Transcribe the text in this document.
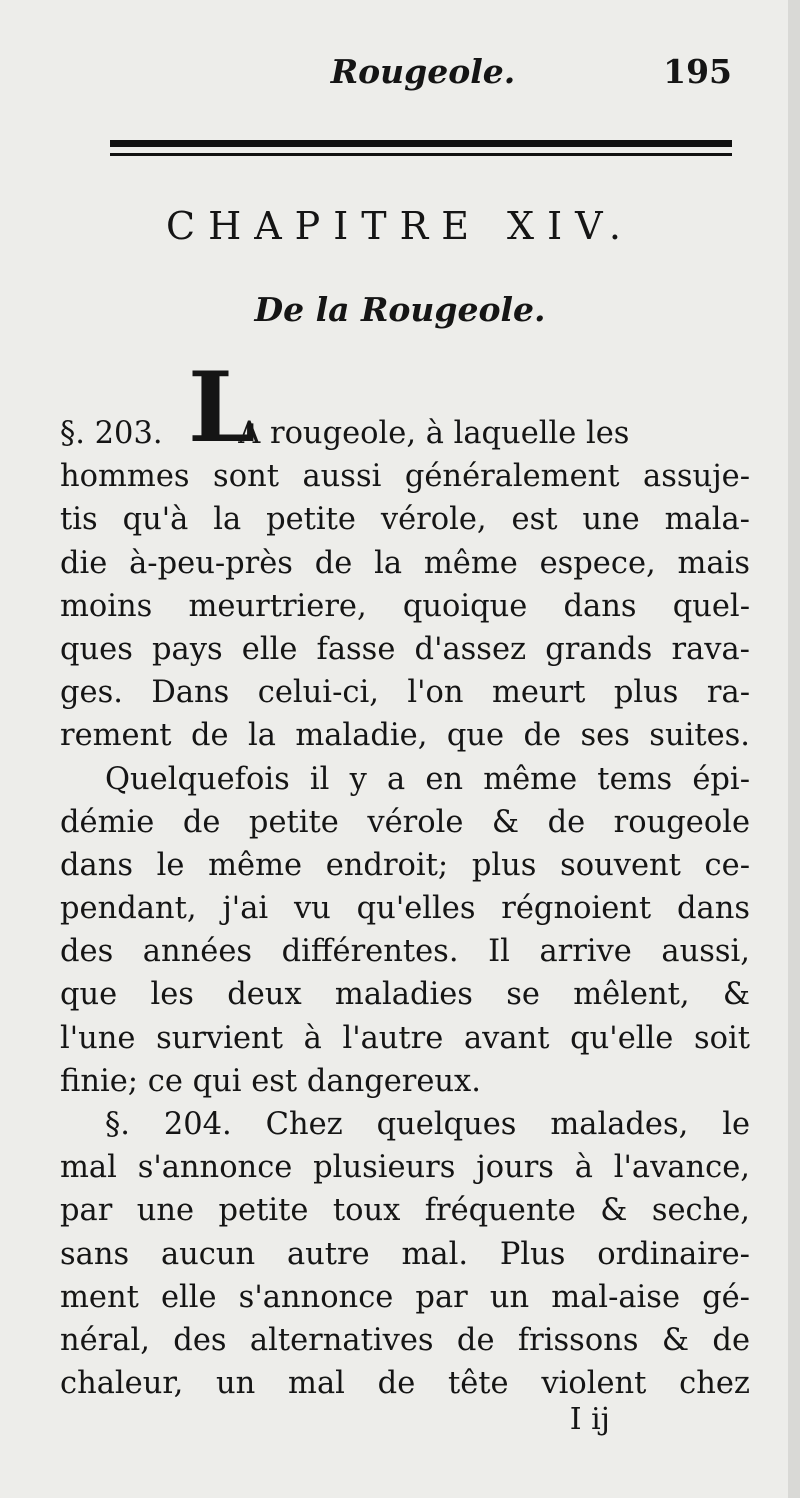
Rougeole.	195
CHAPITRE XIV.
De la Rougeole.
§. 203. L
A rougeole, à laquelle les
hommes sont aussi généralement assuje-
tis qu'à la petite vérole, est une mala-
die à-peu-près de la même espece, mais
moins meurtriere, quoique dans quel-
ques pays elle fasse d'assez grands rava-
ges. Dans celui-ci, l'on meurt plus ra-
rement de la maladie, que de ses suites.
Quelquefois il y a en même tems épi-
démie de petite vérole & de rougeole
dans le même endroit; plus souvent ce-
pendant, j'ai vu qu'elles régnoient dans
des années différentes. Il arrive aussi,
que les deux maladies se mêlent, &
l'une survient à l'autre avant qu'elle soit
finie; ce qui est dangereux.
§. 204. Chez quelques malades, le
mal s'annonce plusieurs jours à l'avance,
par une petite toux fréquente & seche,
sans aucun autre mal. Plus ordinaire-
ment elle s'annonce par un mal-aise gé-
néral, des alternatives de frissons & de
chaleur, un mal de tête violent chez
I ij
